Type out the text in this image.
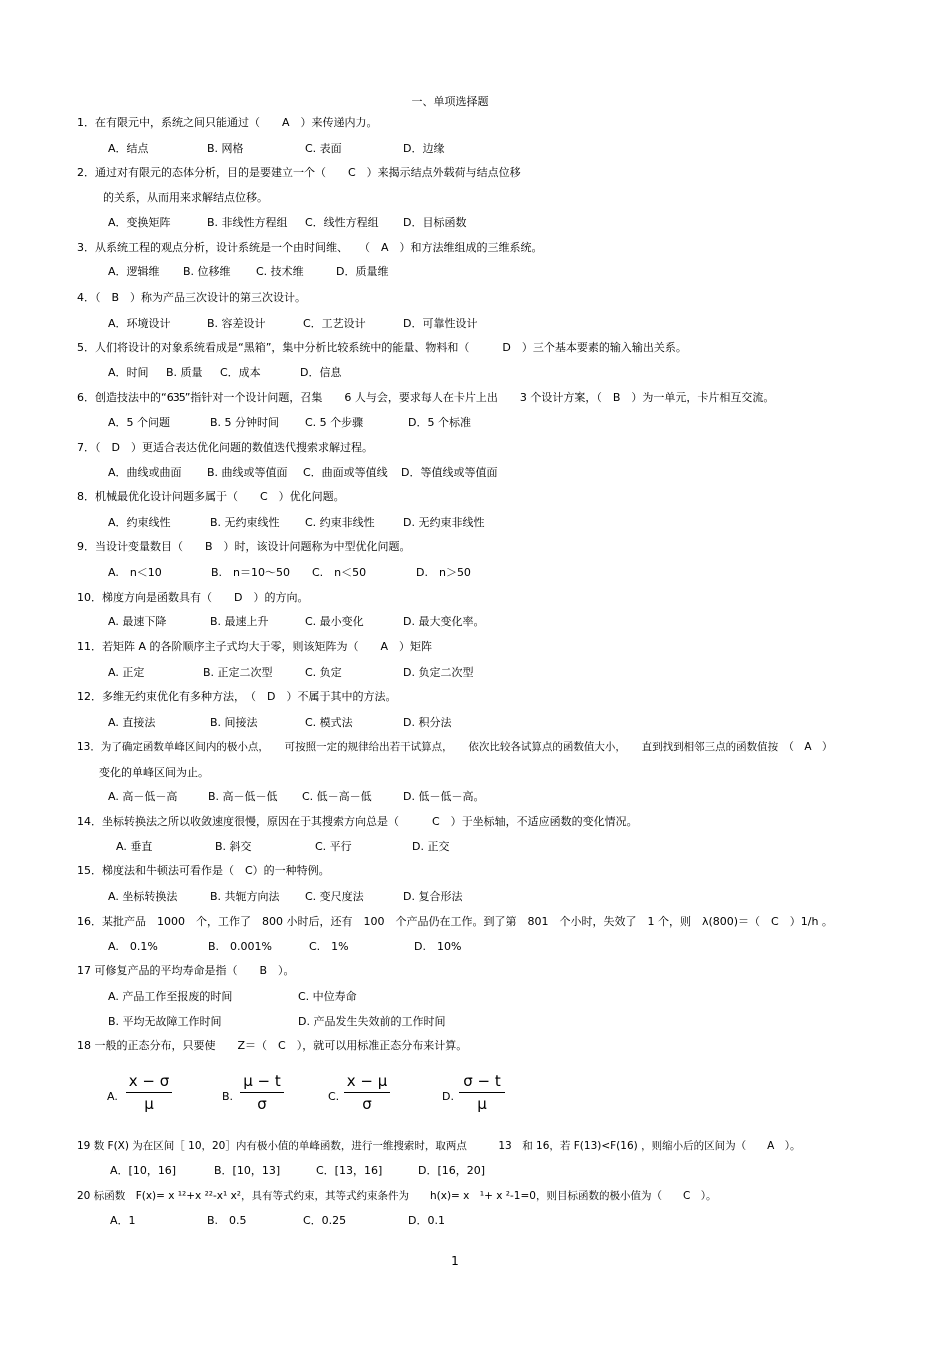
一、单项选择题
1．在有限元中，系统之间只能通过（　　A　）来传递内力。
A．结点	B. 网格	C. 表面	D．边缘
2．通过对有限元的态体分析，目的是要建立一个（　　C　）来揭示结点外载荷与结点位移
的关系，从而用来求解结点位移。
A．变换矩阵	B. 非线性方程组 C．线性方程组 D．目标函数
3．从系统工程的观点分析，设计系统是一个由时间维、　　（　A　）和方法维组成的三维系统。
A．逻辑维 B. 位移维 C. 技术维	D．质量维
4．（　B　）称为产品三次设计的第三次设计。
A．环境设计	B. 容差设计	C．工艺设计	D．可靠性设计
5．人们将设计的对象系统看成是“黑箱”，集中分析比较系统中的能量、物料和（　　　D　）三个基本要素的输入输出关系。
A．时间 B. 质量 C．成本	D．信息
6．创造技法中的“635”指针对一个设计问题，召集　　6 人与会，要求每人在卡片上出　　3 个设计方案，（　B　）为一单元，卡片相互交流。
A．5 个问题	B. 5 分钟时间 C. 5 个步骤	D．5 个标准
7．（　D　）更适合表达优化问题的数值迭代搜索求解过程。
A．曲线或曲面 B. 曲线或等值面 C．曲面或等值线 D．等值线或等值面
8．机械最优化设计问题多属于（　　C　）优化问题。
A．约束线性	B. 无约束线性 C. 约束非线性	D. 无约束非线性
9．当设计变量数目（　　B　）时，该设计问题称为中型优化问题。
A.　n＜10	B.　n＝10～50 C.　n＜50	D.　n＞50
10．梯度方向是函数具有（　　D　）的方向。
A. 最速下降	B. 最速上升	C. 最小变化	D. 最大变化率。
11．若矩阵 A 的各阶顺序主子式均大于零，则该矩阵为（　　A　）矩阵
A. 正定	B. 正定二次型	C. 负定	D. 负定二次型
12．多维无约束优化有多种方法，　（　D　）不属于其中的方法。
A. 直接法	B. 间接法	C. 模式法	D. 积分法
13．为了确定函数单峰区间内的极小点，　　可按照一定的规律给出若干试算点，　　依次比较各试算点的函数值大小，　　直到找到相邻三点的函数值按　（　A　）
变化的单峰区间为止。
A. 高－低－高	B. 高－低－低 C. 低－高－低	D. 低－低－高。
14．坐标转换法之所以收敛速度很慢，原因在于其搜索方向总是（　　　C　）于坐标轴，不适应函数的变化情况。
A. 垂直	B. 斜交	C. 平行	D. 正交
15．梯度法和牛顿法可看作是（　C）的一种特例。
A. 坐标转换法	B. 共轭方向法 C. 变尺度法	D. 复合形法
16．某批产品　1000　个，工作了　800 小时后，还有　100　个产品仍在工作。到了第　801　个小时，失效了　1 个，则　λ(800)＝（　C　）1/h 。
A.　0.1%	B.　0.001%	C.　1%	D.　10%
17 可修复产品的平均寿命是指（　　B　）。
A. 产品工作至报废的时间	C. 中位寿命
B. 平均无故障工作时间	D. 产品发生失效前的工作时间
18 一般的正态分布，只要使　　Z＝（　C　），就可以用标准正态分布来计算。
A.
x − σ
μ	B.
μ − t
σ	C.
x − μ
σ	D.
σ − t
μ
19 数 F(X) 为在区间［ 10，20］内有极小值的单峰函数，进行一维搜索时，取两点　　　13　和 16，若 F(13)<F(16) ，则缩小后的区间为（　　A　）。
A．[10，16]	B．[10，13]	C．[13，16]	D．[16，20]
20 标函数　F(x)= x ¹²+x ²²-x¹ x²，具有等式约束，其等式约束条件为　　h(x)= x　¹+ x ²-1=0，则目标函数的极小值为（　　C　）。
A．1	B.　0.5	C．0.25	D．0.1
1
